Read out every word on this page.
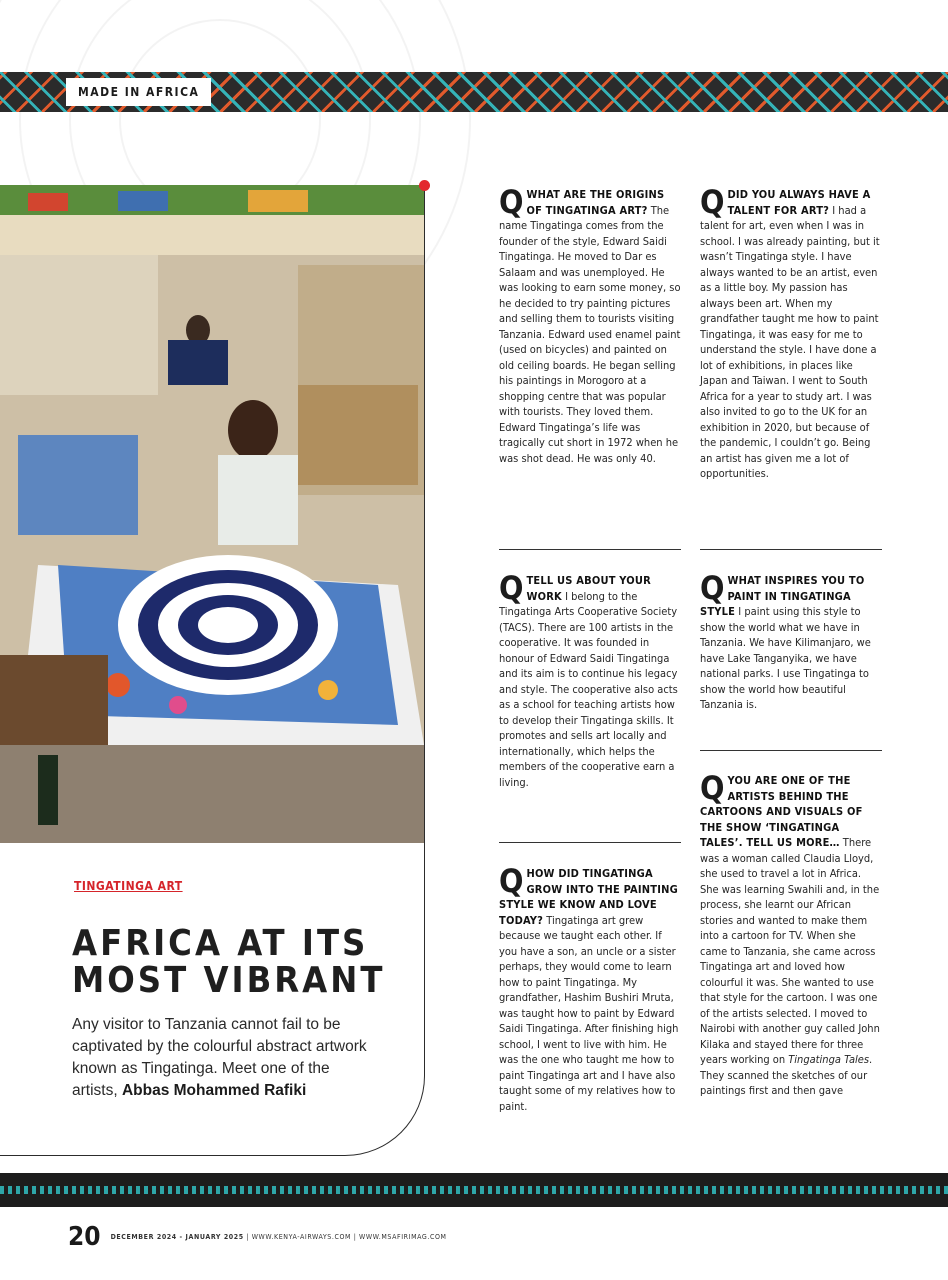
MADE IN AFRICA
TINGATINGA ART
AFRICA AT ITS MOST VIBRANT
Any visitor to Tanzania cannot fail to be captivated by the colourful abstract artwork known as Tingatinga. Meet one of the artists, Abbas Mohammed Rafiki

QWHAT ARE THE ORIGINS OF TINGATINGA ART? The name Tingatinga comes from the founder of the style, Edward Saidi Tingatinga. He moved to Dar es Salaam and was unemployed. He was looking to earn some money, so he decided to try painting pictures and selling them to tourists visiting Tanzania. Edward used enamel paint (used on bicycles) and painted on old ceiling boards. He began selling his paintings in Morogoro at a shopping centre that was popular with tourists. They loved them. Edward Tingatinga’s life was tragically cut short in 1972 when he was shot dead. He was only 40.

QTELL US ABOUT YOUR WORK I belong to the Tingatinga Arts Cooperative Society (TACS). There are 100 artists in the cooperative. It was founded in honour of Edward Saidi Tingatinga and its aim is to continue his legacy and style. The cooperative also acts as a school for teaching artists how to develop their Tingatinga skills. It promotes and sells art locally and internationally, which helps the members of the cooperative earn a living.

QHOW DID TINGATINGA GROW INTO THE PAINTING STYLE WE KNOW AND LOVE TODAY? Tingatinga art grew because we taught each other. If you have a son, an uncle or a sister perhaps, they would come to learn how to paint Tingatinga. My grandfather, Hashim Bushiri Mruta, was taught how to paint by Edward Saidi Tingatinga. After finishing high school, I went to live with him. He was the one who taught me how to paint Tingatinga art and I have also taught some of my relatives how to paint.

QDID YOU ALWAYS HAVE A TALENT FOR ART? I had a talent for art, even when I was in school. I was already painting, but it wasn’t Tingatinga style. I have always wanted to be an artist, even as a little boy. My passion has always been art. When my grandfather taught me how to paint Tingatinga, it was easy for me to understand the style. I have done a lot of exhibitions, in places like Japan and Taiwan. I went to South Africa for a year to study art. I was also invited to go to the UK for an exhibition in 2020, but because of the pandemic, I couldn’t go. Being an artist has given me a lot of opportunities.

QWHAT INSPIRES YOU TO PAINT IN TINGATINGA STYLE I paint using this style to show the world what we have in Tanzania. We have Kilimanjaro, we have Lake Tanganyika, we have national parks. I use Tingatinga to show the world how beautiful Tanzania is.

QYOU ARE ONE OF THE ARTISTS BEHIND THE CARTOONS AND VISUALS OF THE SHOW ‘TINGATINGA TALES’. TELL US MORE… There was a woman called Claudia Lloyd, she used to travel a lot in Africa. She was learning Swahili and, in the process, she learnt our African stories and wanted to make them into a cartoon for TV. When she came to Tanzania, she came across Tingatinga art and loved how colourful it was. She wanted to use that style for the cartoon. I was one of the artists selected. I moved to Nairobi with another guy called John Kilaka and stayed there for three years working on Tingatinga Tales. They scanned the sketches of our paintings first and then gave

20 DECEMBER 2024 - JANUARY 2025 | WWW.KENYA-AIRWAYS.COM | WWW.MSAFIRIMAG.COM
